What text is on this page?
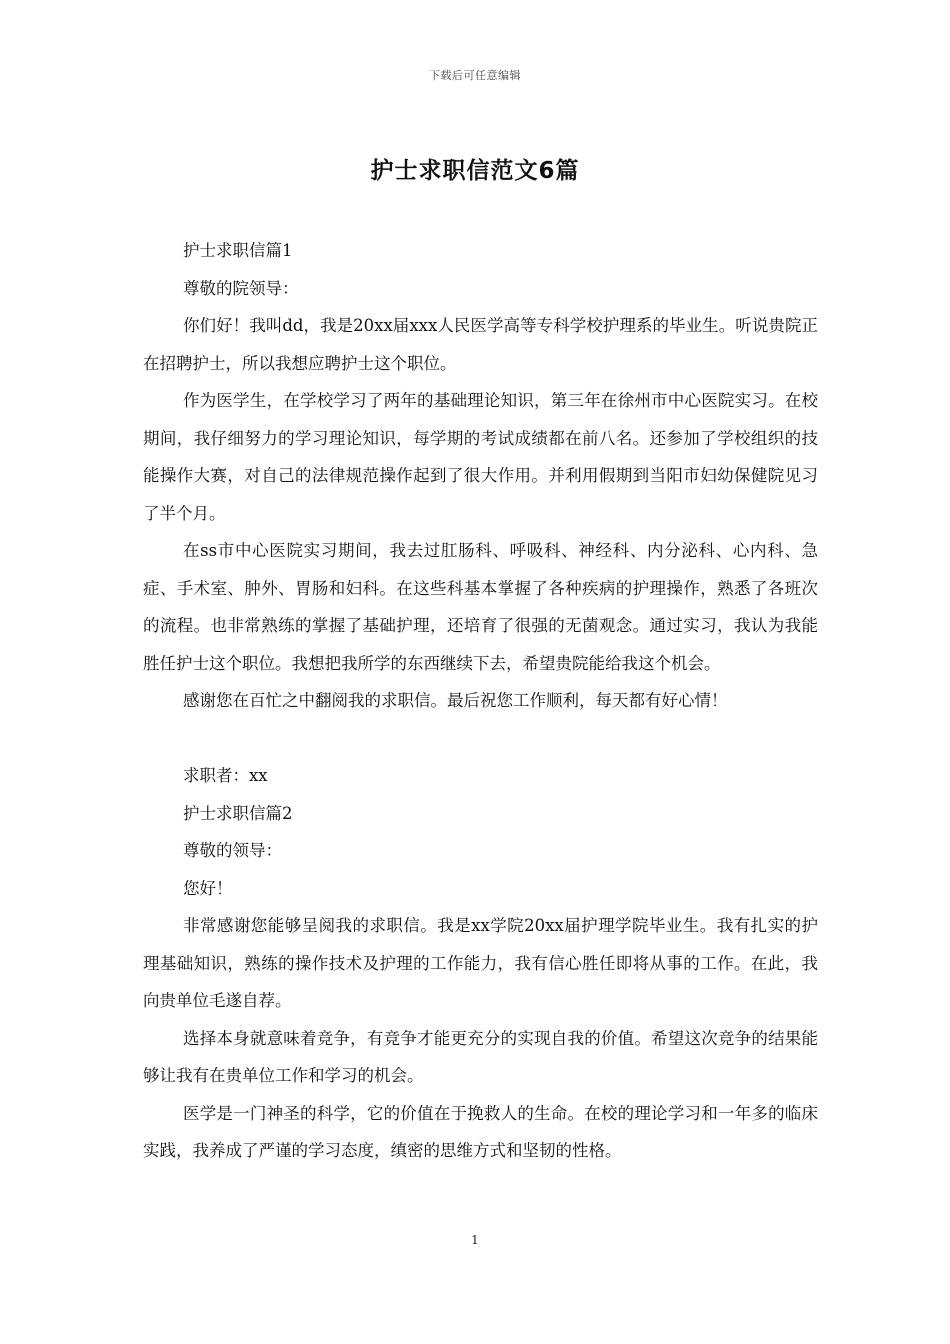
下载后可任意编辑
护士求职信范文6篇

护士求职信篇1

尊敬的院领导：

你们好！我叫dd，我是20xx届xxx人民医学高等专科学校护理系的毕业生。听说贵院正在招聘护士，所以我想应聘护士这个职位。

作为医学生，在学校学习了两年的基础理论知识，第三年在徐州市中心医院实习。在校期间，我仔细努力的学习理论知识，每学期的考试成绩都在前八名。还参加了学校组织的技能操作大赛，对自己的法律规范操作起到了很大作用。并利用假期到当阳市妇幼保健院见习了半个月。

在ss市中心医院实习期间，我去过肛肠科、呼吸科、神经科、内分泌科、心内科、急症、手术室、肿外、胃肠和妇科。在这些科基本掌握了各种疾病的护理操作，熟悉了各班次的流程。也非常熟练的掌握了基础护理，还培育了很强的无菌观念。通过实习，我认为我能胜任护士这个职位。我想把我所学的东西继续下去，希望贵院能给我这个机会。

感谢您在百忙之中翻阅我的求职信。最后祝您工作顺利，每天都有好心情！

求职者：xx

护士求职信篇2

尊敬的领导：

您好！

非常感谢您能够呈阅我的求职信。我是xx学院20xx届护理学院毕业生。我有扎实的护理基础知识，熟练的操作技术及护理的工作能力，我有信心胜任即将从事的工作。在此，我向贵单位毛遂自荐。

选择本身就意味着竞争，有竞争才能更充分的实现自我的价值。希望这次竞争的结果能够让我有在贵单位工作和学习的机会。

医学是一门神圣的科学，它的价值在于挽救人的生命。在校的理论学习和一年多的临床实践，我养成了严谨的学习态度，缜密的思维方式和坚韧的性格。

1
